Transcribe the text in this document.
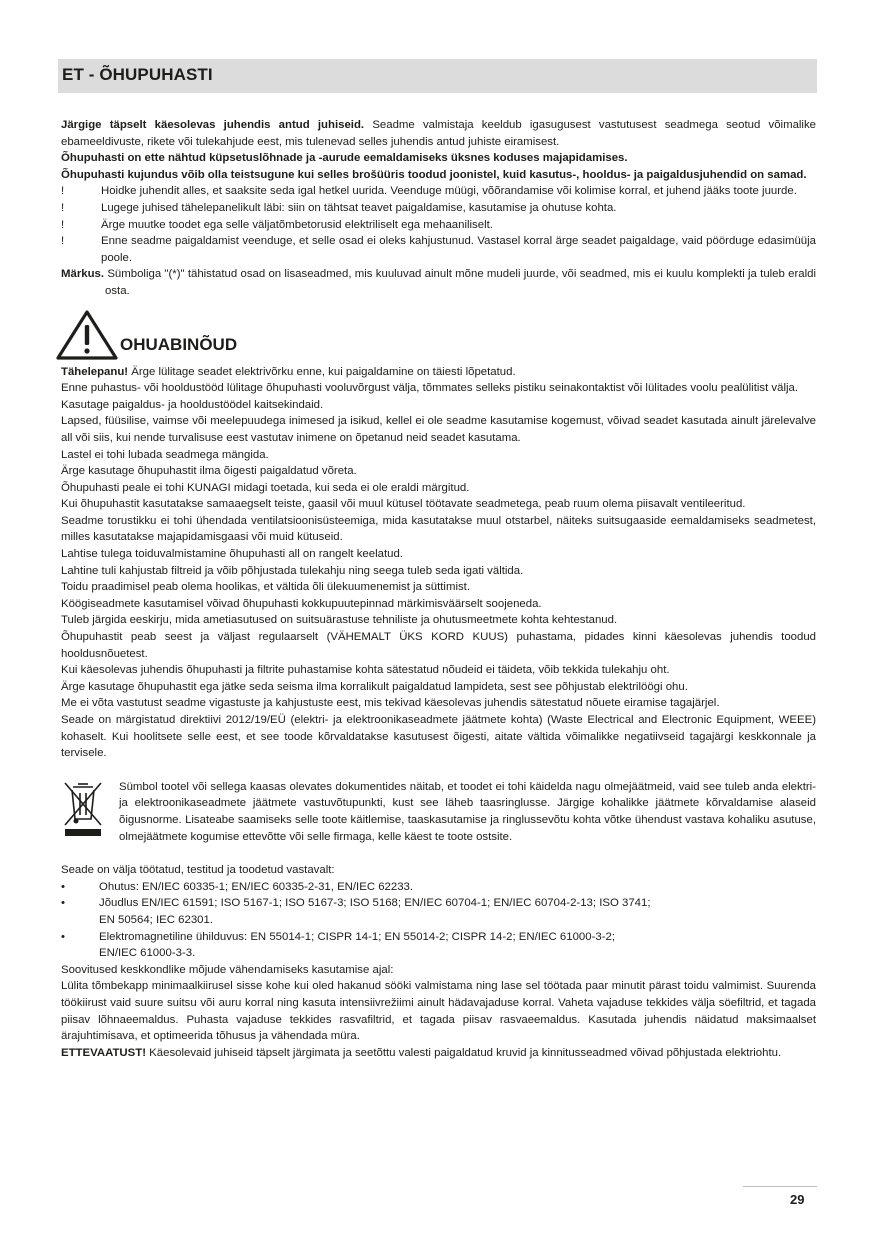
ET - ÕHUPUHASTI

Järgige täpselt käesolevas juhendis antud juhiseid. Seadme valmistaja keeldub igasugusest vastutusest seadmega seotud võimalike ebameeldivuste, rikete või tulekahjude eest, mis tulenevad selles juhendis antud juhiste eiramisest.

Õhupuhasti on ette nähtud küpsetuslõhnade ja -aurude eemaldamiseks üksnes koduses majapidamises.

Õhupuhasti kujundus võib olla teistsugune kui selles brošüüris toodud joonistel, kuid kasutus-, hooldus- ja paigaldusjuhendid on samad.

!	Hoidke juhendit alles, et saaksite seda igal hetkel uurida. Veenduge müügi, võõrandamise või kolimise korral, et juhend jääks toote juurde.
!	Lugege juhised tähelepanelikult läbi: siin on tähtsat teavet paigaldamise, kasutamise ja ohutuse kohta.
!	Ärge muutke toodet ega selle väljatõmbetorusid elektriliselt ega mehaaniliselt.
!	Enne seadme paigaldamist veenduge, et selle osad ei oleks kahjustunud. Vastasel korral ärge seadet paigaldage, vaid pöörduge edasimüüja poole.

Märkus. Sümboliga "(*)" tähistatud osad on lisaseadmed, mis kuuluvad ainult mõne mudeli juurde, või seadmed, mis ei kuulu komplekti ja tuleb eraldi osta.

OHUABINÕUD

Tähelepanu! Ärge lülitage seadet elektrivõrku enne, kui paigaldamine on täiesti lõpetatud.

Enne puhastus- või hooldustööd lülitage õhupuhasti vooluvõrgust välja, tõmmates selleks pistiku seinakontaktist või lülitades voolu pealülitist välja.

Kasutage paigaldus- ja hooldustöödel kaitsekindaid.

Lapsed, füüsilise, vaimse või meelepuudega inimesed ja isikud, kellel ei ole seadme kasutamise kogemust, võivad seadet kasutada ainult järelevalve all või siis, kui nende turvalisuse eest vastutav inimene on õpetanud neid seadet kasutama.

Lastel ei tohi lubada seadmega mängida.

Ärge kasutage õhupuhastit ilma õigesti paigaldatud võreta.

Õhupuhasti peale ei tohi KUNAGI midagi toetada, kui seda ei ole eraldi märgitud.

Kui õhupuhastit kasutatakse samaaegselt teiste, gaasil või muul kütusel töötavate seadmetega, peab ruum olema piisavalt ventileeritud.

Seadme torustikku ei tohi ühendada ventilatsioonisüsteemiga, mida kasutatakse muul otstarbel, näiteks suitsugaaside eemaldamiseks seadmetest, milles kasutatakse majapidamisgaasi või muid kütuseid.

Lahtise tulega toiduvalmistamine õhupuhasti all on rangelt keelatud.

Lahtine tuli kahjustab filtreid ja võib põhjustada tulekahju ning seega tuleb seda igati vältida.

Toidu praadimisel peab olema hoolikas, et vältida õli ülekuumenemist ja süttimist.

Köögiseadmete kasutamisel võivad õhupuhasti kokkupuutepinnad märkimisväärselt soojeneda.

Tuleb järgida eeskirju, mida ametiasutused on suitsuärastuse tehniliste ja ohutusmeetmete kohta kehtestanud.

Õhupuhastit peab seest ja väljast regulaarselt (VÄHEMALT ÜKS KORD KUUS) puhastama, pidades kinni käesolevas juhendis toodud hooldusnõuetest.

Kui käesolevas juhendis õhupuhasti ja filtrite puhastamise kohta sätestatud nõudeid ei täideta, võib tekkida tulekahju oht.

Ärge kasutage õhupuhastit ega jätke seda seisma ilma korralikult paigaldatud lampideta, sest see põhjustab elektrilöögi ohu.

Me ei võta vastutust seadme vigastuste ja kahjustuste eest, mis tekivad käesolevas juhendis sätestatud nõuete eiramise tagajärjel.

Seade on märgistatud direktiivi 2012/19/EÜ (elektri- ja elektroonikaseadmete jäätmete kohta) (Waste Electrical and Electronic Equipment, WEEE) kohaselt. Kui hoolitsete selle eest, et see toode kõrvaldatakse kasutusest õigesti, aitate vältida võimalikke negatiivseid tagajärgi keskkonnale ja tervisele.

Sümbol tootel või sellega kaasas olevates dokumentides näitab, et toodet ei tohi käidelda nagu olmejäätmeid, vaid see tuleb anda elektri- ja elektroonikaseadmete jäätmete vastuvõtupunkti, kust see läheb taasringlusse. Järgige kohalikke jäätmete kõrvaldamise alaseid õigusnorme. Lisateabe saamiseks selle toote käitlemise, taaskasutamise ja ringlussevõtu kohta võtke ühendust vastava kohaliku asutuse, olmejäätmete kogumise ettevõtte või selle firmaga, kelle käest te toote ostsite.

Seade on välja töötatud, testitud ja toodetud vastavalt:

•	Ohutus: EN/IEC 60335-1; EN/IEC 60335-2-31, EN/IEC 62233.
•	Jõudlus EN/IEC 61591; ISO 5167-1; ISO 5167-3; ISO 5168; EN/IEC 60704-1; EN/IEC 60704-2-13; ISO 3741;
EN 50564; IEC 62301.
•	Elektromagnetiline ühilduvus: EN 55014-1; CISPR 14-1; EN 55014-2; CISPR 14-2; EN/IEC 61000-3-2;
EN/IEC 61000-3-3.

Soovitused keskkondlike mõjude vähendamiseks kasutamise ajal:

Lülita tõmbekapp minimaalkiirusel sisse kohe kui oled hakanud sööki valmistama ning lase sel töötada paar minutit pärast toidu valmimist. Suurenda töökiirust vaid suure suitsu või auru korral ning kasuta intensiivrežiimi ainult hädavajaduse korral. Vaheta vajaduse tekkides välja söefiltrid, et tagada piisav lõhnaeemaldus. Puhasta vajaduse tekkides rasvafiltrid, et tagada piisav rasvaeemaldus. Kasutada juhendis näidatud maksimaalset ärajuhtimisava, et optimeerida tõhusus ja vähendada müra.

ETTEVAATUST! Käesolevaid juhiseid täpselt järgimata ja seetõttu valesti paigaldatud kruvid ja kinnitusseadmed võivad põhjustada elektriohtu.

29
